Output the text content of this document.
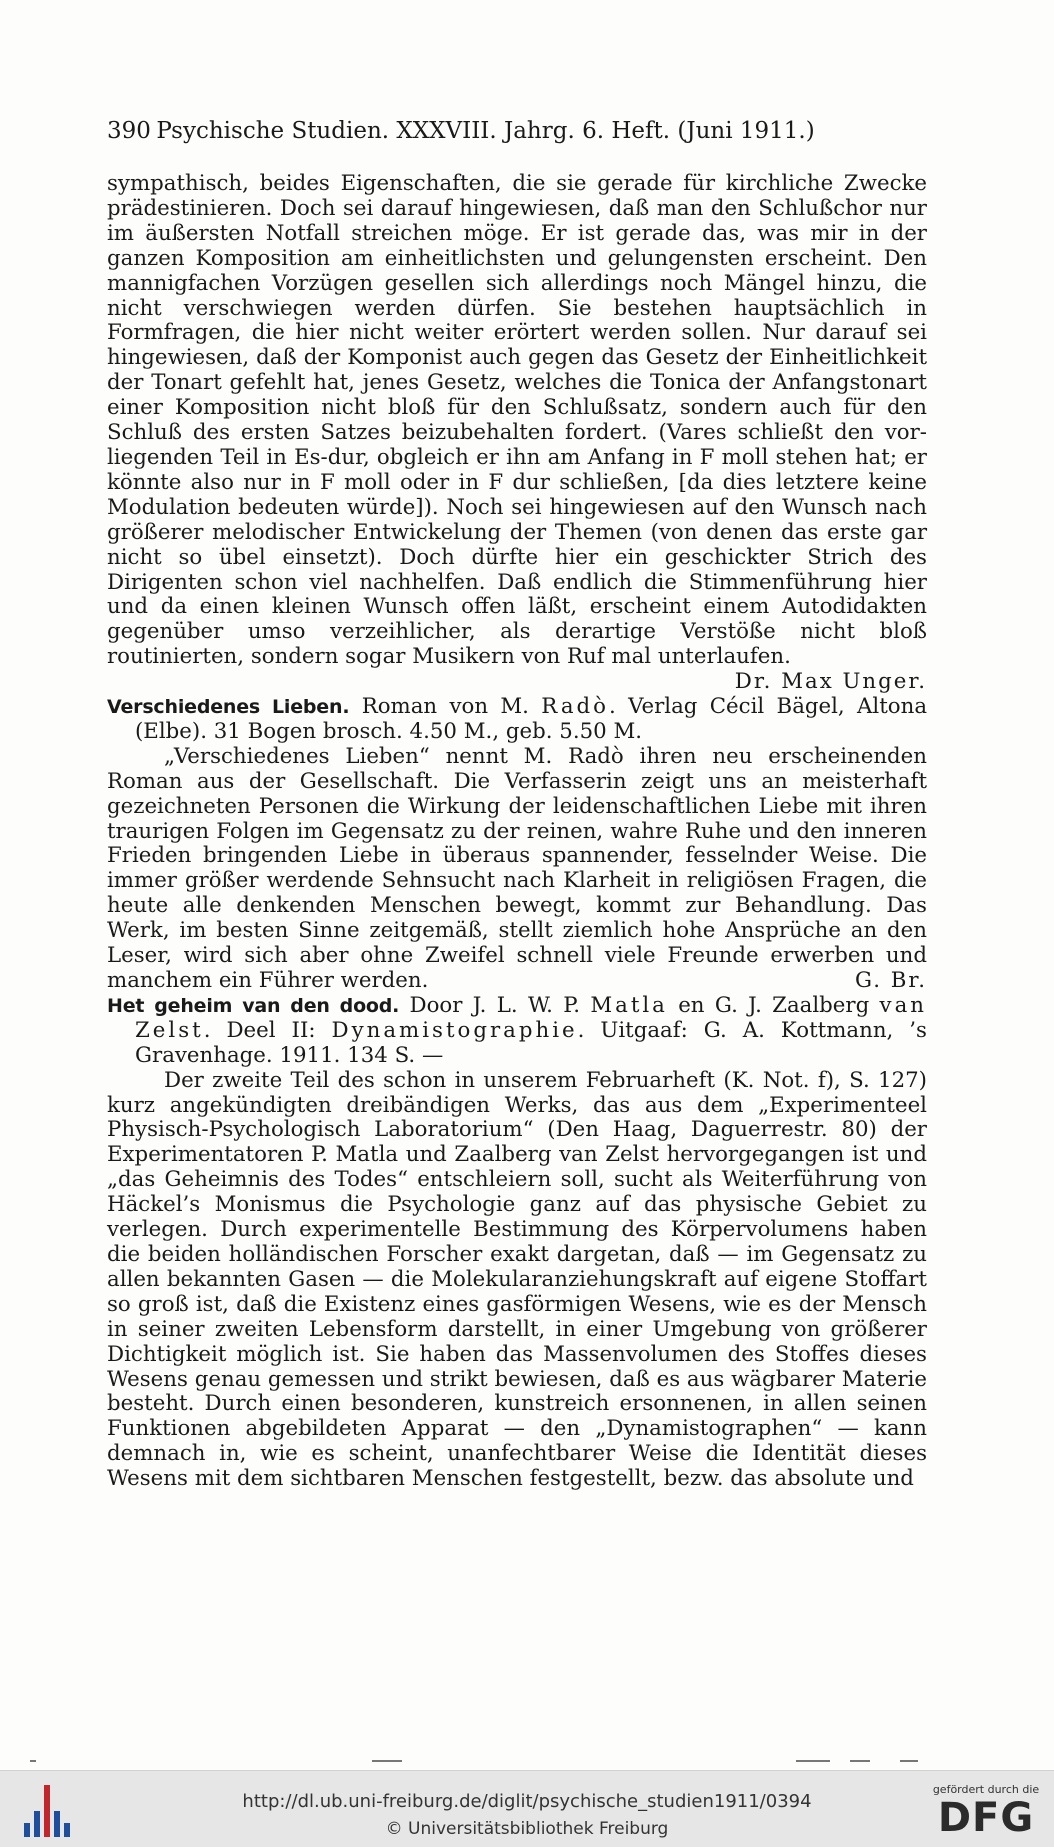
390 Psychische Studien. XXXVIII. Jahrg. 6. Heft. (Juni 1911.)

sympathisch, beides Eigenschaften, die sie gerade für kirchliche Zwecke prädestinieren. Doch sei darauf hingewiesen, daß man den Schlußchor nur im äußersten Notfall streichen möge. Er ist gerade das, was mir in der ganzen Komposition am einheitlichsten und gelungensten erscheint. Den mannigfachen Vorzügen gesellen sich allerdings noch Mängel hinzu, die nicht verschwiegen werden dürfen. Sie bestehen hauptsächlich in Formfragen, die hier nicht weiter erörtert werden sollen. Nur darauf sei hingewiesen, daß der Komponist auch gegen das Gesetz der Einheitlichkeit der Tonart gefehlt hat, jenes Gesetz, welches die Tonica der Anfangstonart einer Komposition nicht bloß für den Schlußsatz, sondern auch für den Schluß des ersten Satzes beizubehalten fordert. (Vares schließt den vorliegenden Teil in Es-dur, obgleich er ihn am Anfang in F moll stehen hat; er könnte also nur in F moll oder in F dur schließen, [da dies letztere keine Modulation bedeuten würde]). Noch sei hingewiesen auf den Wunsch nach größerer melodischer Entwickelung der Themen (von denen das erste gar nicht so übel einsetzt). Doch dürfte hier ein geschickter Strich des Dirigenten schon viel nachhelfen. Daß endlich die Stimmenführung hier und da einen kleinen Wunsch offen läßt, erscheint einem Autodidakten gegenüber umso verzeihlicher, als derartige Verstöße nicht bloß routinierten, sondern sogar Musikern von Ruf mal unterlaufen.
Dr. Max Unger.

Verschiedenes Lieben. Roman von M. Radò. Verlag Cécil Bägel, Altona (Elbe). 31 Bogen brosch. 4.50 M., geb. 5.50 M.

„Verschiedenes Lieben“ nennt M. Radò ihren neu erscheinenden Roman aus der Gesellschaft. Die Verfasserin zeigt uns an meisterhaft gezeichneten Personen die Wirkung der leidenschaftlichen Liebe mit ihren traurigen Folgen im Gegensatz zu der reinen, wahre Ruhe und den inneren Frieden bringenden Liebe in überaus spannender, fesselnder Weise. Die immer größer werdende Sehnsucht nach Klarheit in religiösen Fragen, die heute alle denkenden Menschen bewegt, kommt zur Behandlung. Das Werk, im besten Sinne zeitgemäß, stellt ziemlich hohe Ansprüche an den Leser, wird sich aber ohne Zweifel schnell viele Freunde erwerben und manchem ein Führer werden.	G. Br.

Het geheim van den dood. Door J. L. W. P. Matla en G. J. Zaalberg van Zelst. Deel II: Dynamistographie. Uitgaaf: G. A. Kottmann, ’s Gravenhage. 1911. 134 S. —

Der zweite Teil des schon in unserem Februarheft (K. Not. f), S. 127) kurz angekündigten dreibändigen Werks, das aus dem „Experimenteel Physisch-Psychologisch Laboratorium“ (Den Haag, Daguerrestr. 80) der Experimentatoren P. Matla und Zaalberg van Zelst hervorgegangen ist und „das Geheimnis des Todes“ entschleiern soll, sucht als Weiterführung von Häckel’s Monismus die Psychologie ganz auf das physische Gebiet zu verlegen. Durch experimentelle Bestimmung des Körpervolumens haben die beiden holländischen Forscher exakt dargetan, daß — im Gegensatz zu allen bekannten Gasen — die Molekularanziehungskraft auf eigene Stoffart so groß ist, daß die Existenz eines gasförmigen Wesens, wie es der Mensch in seiner zweiten Lebensform darstellt, in einer Umgebung von größerer Dichtigkeit möglich ist. Sie haben das Massenvolumen des Stoffes dieses Wesens genau gemessen und strikt bewiesen, daß es aus wägbarer Materie besteht. Durch einen besonderen, kunstreich ersonnenen, in allen seinen Funktionen abgebildeten Apparat — den „Dynamistographen“ — kann demnach in, wie es scheint, unanfechtbarer Weise die Identität dieses Wesens mit dem sichtbaren Menschen festgestellt, bezw. das absolute und

http://dl.ub.uni-freiburg.de/diglit/psychische_studien1911/0394
© Universitätsbibliothek Freiburg
gefördert durch die
DFG
